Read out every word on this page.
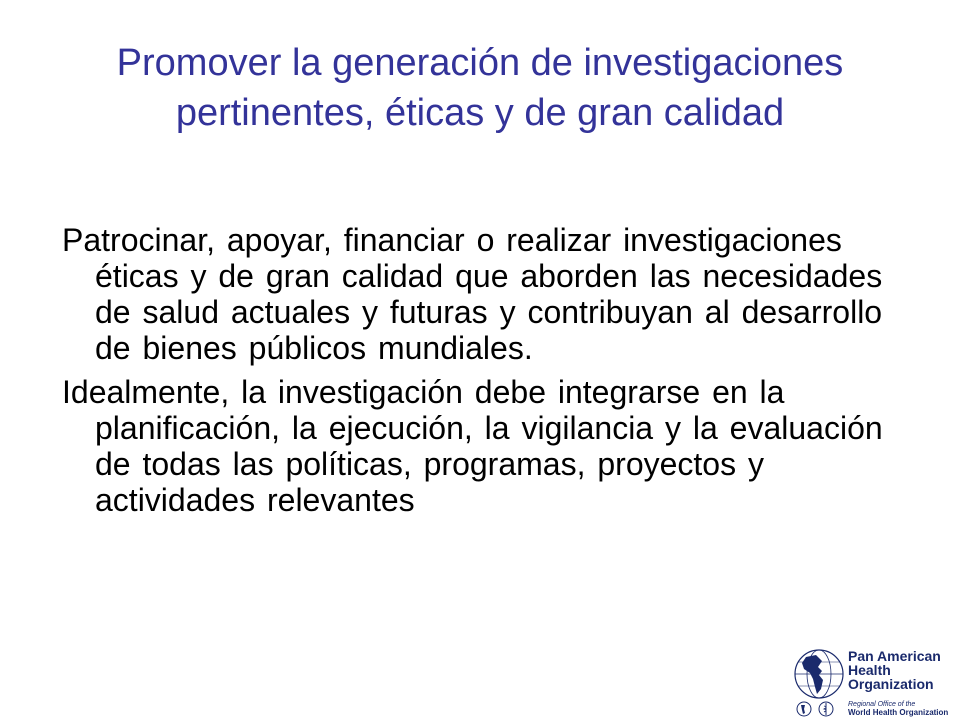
Promover la generación de investigaciones pertinentes, éticas y de gran calidad

Patrocinar, apoyar, financiar o realizar investigaciones éticas y de gran calidad que aborden las necesidades de salud actuales y futuras y contribuyan al desarrollo de bienes públicos mundiales.

Idealmente, la investigación debe integrarse en la planificación, la ejecución, la vigilancia y la evaluación de todas las políticas, programas, proyectos y actividades relevantes

Pan American
Health
Organization
Regional Office of the
World Health Organization
